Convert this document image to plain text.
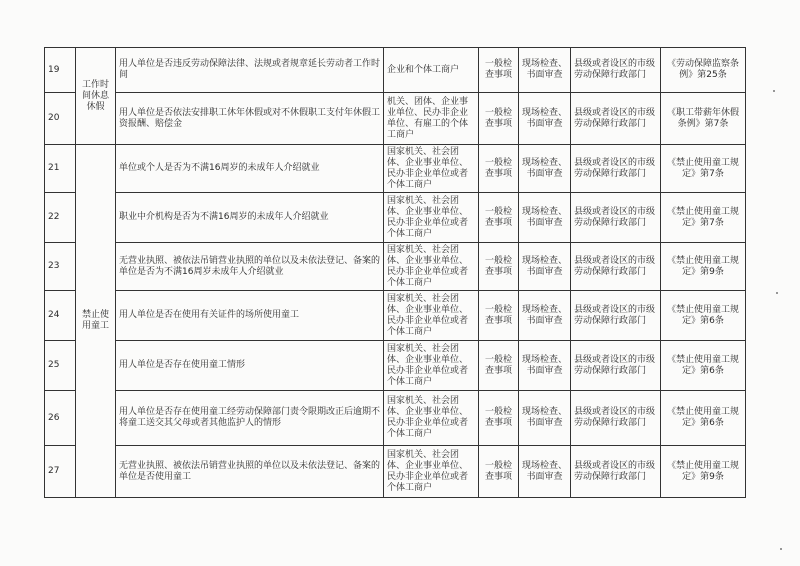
19	工作时间休息休假	用人单位是否违反劳动保障法律、法规或者规章延长劳动者工作时间	企业和个体工商户	一般检查事项	现场检查、书面审查	县级或者设区的市级劳动保障行政部门	《劳动保障监察条例》第25条
20		用人单位是否依法安排职工休年休假或对不休假职工支付年休假工资报酬、赔偿金	机关、团体、企业事业单位、民办非企业单位、有雇工的个体工商户	一般检查事项	现场检查、书面审查	县级或者设区的市级劳动保障行政部门	《职工带薪年休假条例》第7条
21	禁止使用童工	单位或个人是否为不满16周岁的未成年人介绍就业	国家机关、社会团体、企业事业单位、民办非企业单位或者个体工商户	一般检查事项	现场检查、书面审查	县级或者设区的市级劳动保障行政部门	《禁止使用童工规定》第7条
22		职业中介机构是否为不满16周岁的未成年人介绍就业	国家机关、社会团体、企业事业单位、民办非企业单位或者个体工商户	一般检查事项	现场检查、书面审查	县级或者设区的市级劳动保障行政部门	《禁止使用童工规定》第7条
23		无营业执照、被依法吊销营业执照的单位以及未依法登记、备案的单位是否为不满16周岁未成年人介绍就业	国家机关、社会团体、企业事业单位、民办非企业单位或者个体工商户	一般检查事项	现场检查、书面审查	县级或者设区的市级劳动保障行政部门	《禁止使用童工规定》第9条
24		用人单位是否在使用有关证件的场所使用童工	国家机关、社会团体、企业事业单位、民办非企业单位或者个体工商户	一般检查事项	现场检查、书面审查	县级或者设区的市级劳动保障行政部门	《禁止使用童工规定》第6条
25		用人单位是否存在使用童工情形	国家机关、社会团体、企业事业单位、民办非企业单位或者个体工商户	一般检查事项	现场检查、书面审查	县级或者设区的市级劳动保障行政部门	《禁止使用童工规定》第6条
26		用人单位是否存在使用童工经劳动保障部门责令限期改正后逾期不将童工送交其父母或者其他监护人的情形	国家机关、社会团体、企业事业单位、民办非企业单位或者个体工商户	一般检查事项	现场检查、书面审查	县级或者设区的市级劳动保障行政部门	《禁止使用童工规定》第6条
27		无营业执照、被依法吊销营业执照的单位以及未依法登记、备案的单位是否使用童工	国家机关、社会团体、企业事业单位、民办非企业单位或者个体工商户	一般检查事项	现场检查、书面审查	县级或者设区的市级劳动保障行政部门	《禁止使用童工规定》第9条
